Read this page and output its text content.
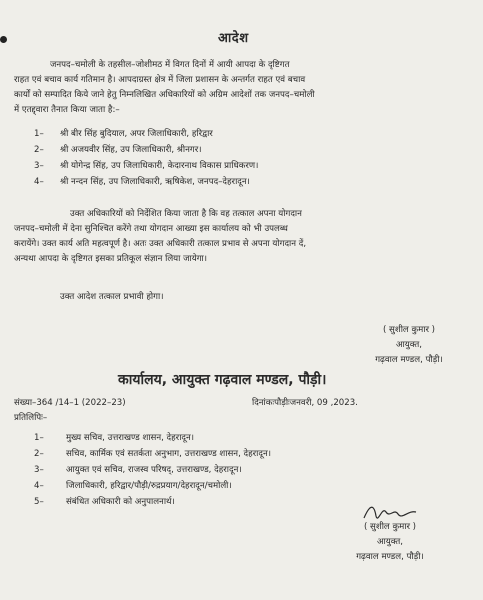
आदेश
जनपद–चमोली के तहसील–जोशीमठ में विगत दिनों में आयी आपदा के दृष्टिगत
राहत एवं बचाव कार्य गतिमान है। आपदाग्रस्त क्षेत्र में जिला प्रशासन के अन्तर्गत राहत एवं बचाव
कार्यों को सम्पादित किये जाने हेतु निम्नलिखित अधिकारियों को अग्रिम आदेशों तक जनपद–चमोली
में एतद्द्वारा तैनात किया जाता है:–
1–	श्री बीर सिंह बुदियाल, अपर जिलाधिकारी, हरिद्वार
2–	श्री अजयवीर सिंह, उप जिलाधिकारी, श्रीनगर।
3–	श्री योगेन्द्र सिंह, उप जिलाधिकारी, केदारनाथ विकास प्राधिकरण।
4–	श्री नन्दन सिंह, उप जिलाधिकारी, ऋषिकेश, जनपद–देहरादून।
उक्त अधिकारियों को निर्देशित किया जाता है कि वह तत्काल अपना योगदान
जनपद–चमोली में देना सुनिश्चित करेंगे तथा योगदान आख्या इस कार्यालय को भी उपलब्ध
करायेंगे। उक्त कार्य अति महत्वपूर्ण है। अतः उक्त अधिकारी तत्काल प्रभाव से अपना योगदान दें,
अन्यथा आपदा के दृष्टिगत इसका प्रतिकूल संज्ञान लिया जायेगा।
उक्त आदेश तत्काल प्रभावी होगा।
( सुशील कुमार )
आयुक्त,
गढ़वाल मण्डल, पौड़ी।
कार्यालय, आयुक्त गढ़वाल मण्डल, पौड़ी।
संख्या–364 /14–1 (2022–23)	दिनांकःपौड़ीःजनवरी, 09 ,2023.
प्रतिलिपिः–
1–	मुख्य सचिव, उत्तराखण्ड शासन, देहरादून।
2–	सचिव, कार्मिक एवं सतर्कता अनुभाग, उत्तराखण्ड शासन, देहरादून।
3–	आयुक्त एवं सचिव, राजस्व परिषद्, उत्तराखण्ड, देहरादून।
4–	जिलाधिकारी, हरिद्वार/पौड़ी/रुद्रप्रयाग/देहरादून/चमोली।
5–	संबंधित अधिकारी को अनुपालनार्थ।
( सुशील कुमार )
आयुक्त,
गढ़वाल मण्डल, पौड़ी।
